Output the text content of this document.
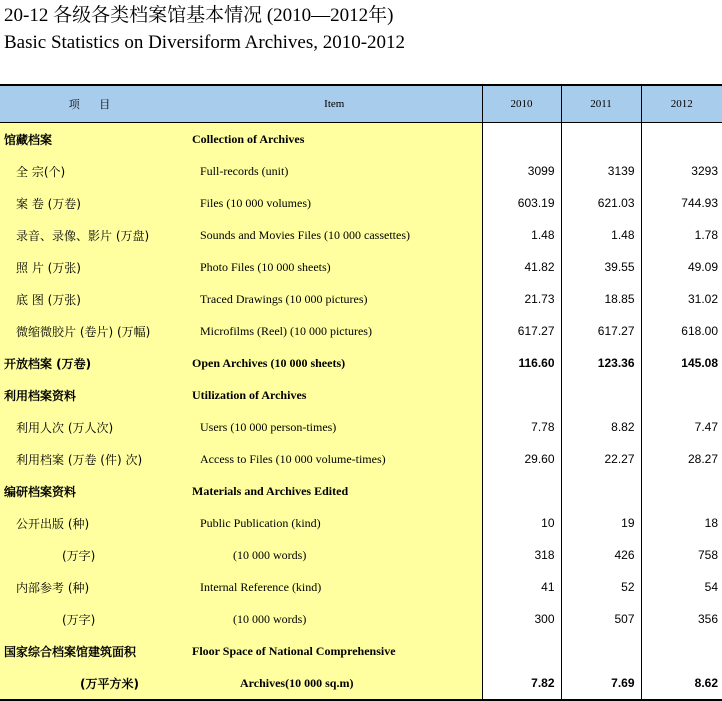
20-12 各级各类档案馆基本情况 (2010—2012年)
Basic Statistics on Diversiform Archives, 2010-2012
项 目	Item	2010	2011	2012
馆藏档案	Collection of Archives			
全 宗(个)	Full-records (unit)	3099	3139	3293
案 卷 (万卷)	Files (10 000 volumes)	603.19	621.03	744.93
录音、录像、影片 (万盘)	Sounds and Movies Files (10 000 cassettes)	1.48	1.48	1.78
照 片 (万张)	Photo Files (10 000 sheets)	41.82	39.55	49.09
底 图 (万张)	Traced Drawings (10 000 pictures)	21.73	18.85	31.02
微缩微胶片 (卷片) (万幅)	Microfilms (Reel) (10 000 pictures)	617.27	617.27	618.00
开放档案 (万卷)	Open Archives (10 000 sheets)	116.60	123.36	145.08
利用档案资料	Utilization of Archives			
利用人次 (万人次)	Users (10 000 person-times)	7.78	8.82	7.47
利用档案 (万卷 (件) 次)	Access to Files (10 000 volume-times)	29.60	22.27	28.27
编研档案资料	Materials and Archives Edited			
公开出版 (种)	Public Publication (kind)	10	19	18
(万字)	(10 000 words)	318	426	758
内部参考 (种)	Internal Reference (kind)	41	52	54
(万字)	(10 000 words)	300	507	356
国家综合档案馆建筑面积	Floor Space of National Comprehensive			
(万平方米)	Archives(10 000 sq.m)	7.82	7.69	8.62
